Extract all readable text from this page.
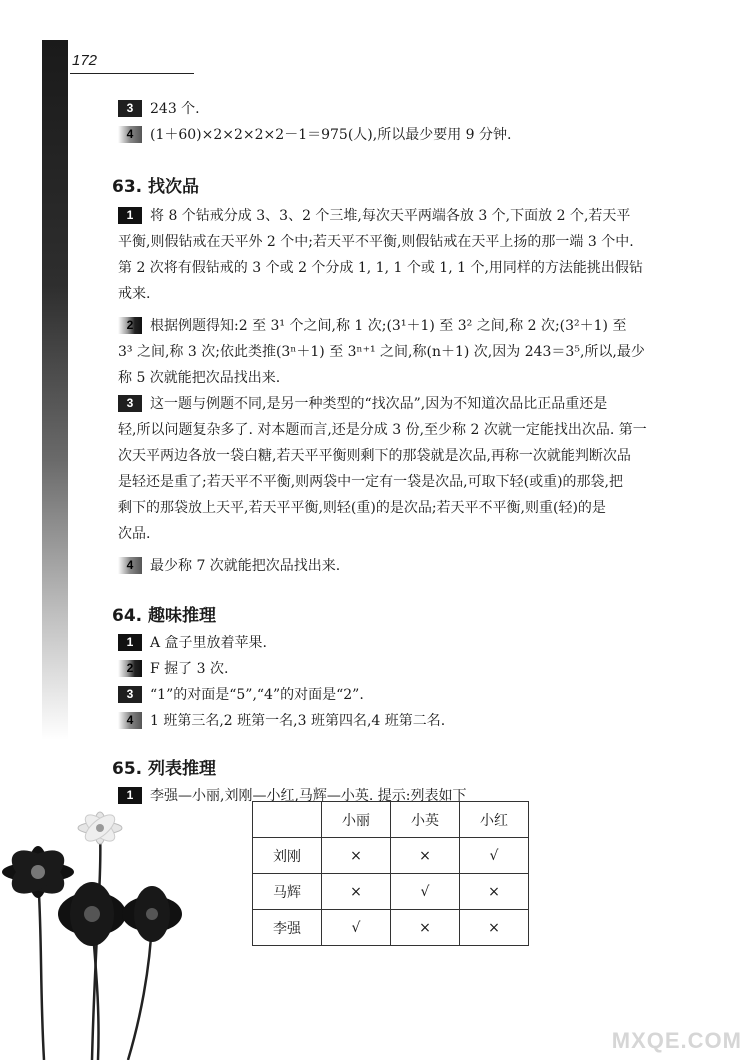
172
3 243 个.
4 (1＋60)×2×2×2×2－1＝975(人),所以最少要用 9 分钟.
63. 找次品
1 将 8 个钻戒分成 3、3、2 个三堆,每次天平两端各放 3 个,下面放 2 个,若天平
平衡,则假钻戒在天平外 2 个中;若天平不平衡,则假钻戒在天平上扬的那一端 3 个中.
第 2 次将有假钻戒的 3 个或 2 个分成 1, 1, 1 个或 1, 1 个,用同样的方法能挑出假钻
戒来.
2 根据例题得知:2 至 3¹ 个之间,称 1 次;(3¹＋1) 至 3² 之间,称 2 次;(3²＋1) 至
3³ 之间,称 3 次;依此类推(3ⁿ＋1) 至 3ⁿ⁺¹ 之间,称(n＋1) 次,因为 243＝3⁵,所以,最少
称 5 次就能把次品找出来.
3 这一题与例题不同,是另一种类型的“找次品”,因为不知道次品比正品重还是
轻,所以问题复杂多了. 对本题而言,还是分成 3 份,至少称 2 次就一定能找出次品. 第一
次天平两边各放一袋白糖,若天平平衡则剩下的那袋就是次品,再称一次就能判断次品
是轻还是重了;若天平不平衡,则两袋中一定有一袋是次品,可取下轻(或重)的那袋,把
剩下的那袋放上天平,若天平平衡,则轻(重)的是次品;若天平不平衡,则重(轻)的是
次品.
4 最少称 7 次就能把次品找出来.
64. 趣味推理
1 A 盒子里放着苹果.
2 F 握了 3 次.
3 “1”的对面是“5”,“4”的对面是“2”.
4 1 班第三名,2 班第一名,3 班第四名,4 班第二名.
65. 列表推理
1 李强—小丽,刘刚—小红,马辉—小英. 提示:列表如下
	小丽	小英	小红
刘刚	×	×	√
马辉	×	√	×
李强	√	×	×
MXQE.COM
